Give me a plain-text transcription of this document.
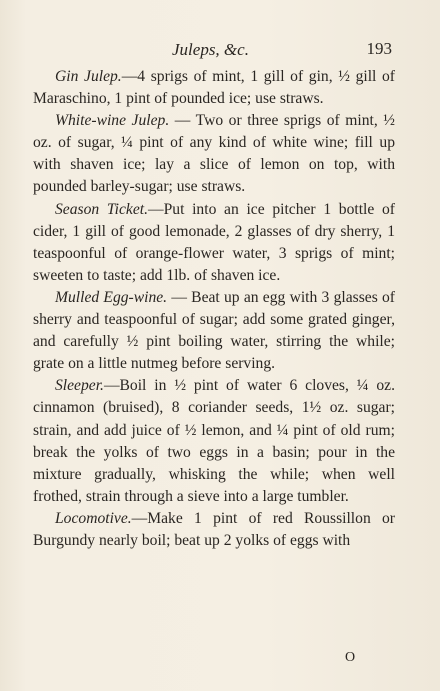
Juleps, &c.	193

Gin Julep.—4 sprigs of mint, 1 gill of gin, ½ gill of Maraschino, 1 pint of pounded ice; use straws.

White-wine Julep. — Two or three sprigs of mint, ½ oz. of sugar, ¼ pint of any kind of white wine; fill up with shaven ice; lay a slice of lemon on top, with pounded barley-sugar; use straws.

Season Ticket.—Put into an ice pitcher 1 bottle of cider, 1 gill of good lemonade, 2 glasses of dry sherry, 1 teaspoonful of orange-flower water, 3 sprigs of mint; sweeten to taste; add 1lb. of shaven ice.

Mulled Egg-wine. — Beat up an egg with 3 glasses of sherry and teaspoonful of sugar; add some grated ginger, and carefully ½ pint boiling water, stirring the while; grate on a little nutmeg before serving.

Sleeper.—Boil in ½ pint of water 6 cloves, ¼ oz. cinnamon (bruised), 8 coriander seeds, 1½ oz. sugar; strain, and add juice of ½ lemon, and ¼ pint of old rum; break the yolks of two eggs in a basin; pour in the mixture gradually, whisking the while; when well frothed, strain through a sieve into a large tumbler.

Locomotive.—Make 1 pint of red Roussillon or Burgundy nearly boil; beat up 2 yolks of eggs with

O
